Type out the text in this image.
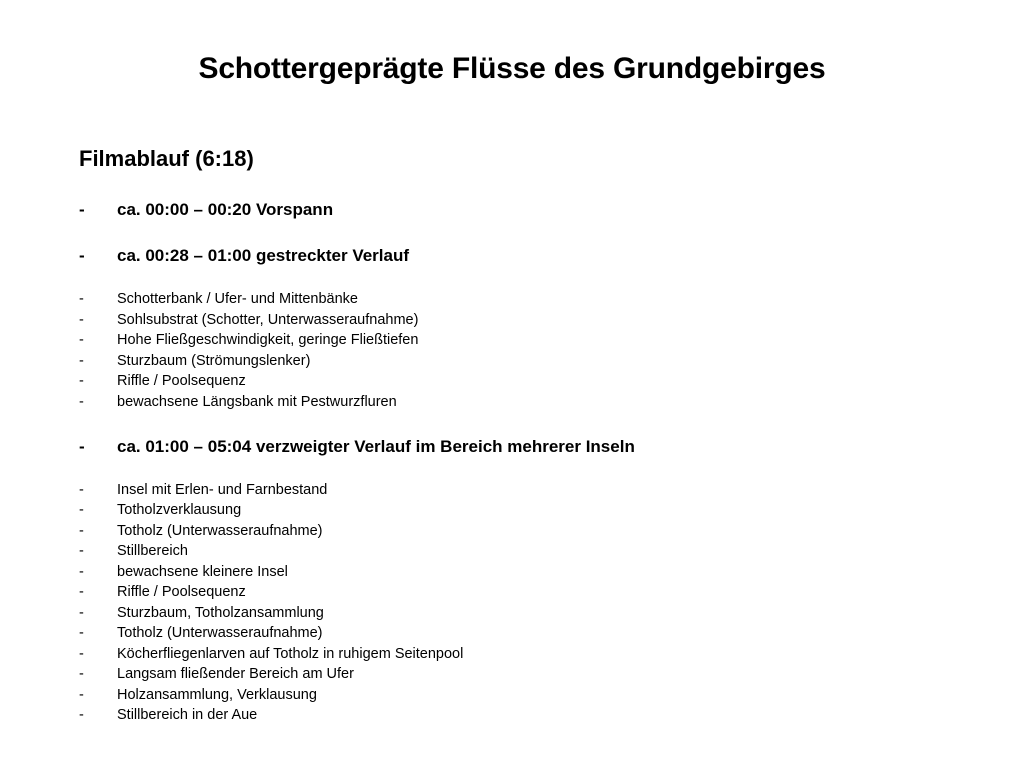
Schottergeprägte Flüsse des Grundgebirges
Filmablauf (6:18)
- ca. 00:00 – 00:20 Vorspann
- ca. 00:28 – 01:00 gestreckter Verlauf
- Schotterbank / Ufer- und Mittenbänke
- Sohlsubstrat (Schotter, Unterwasseraufnahme)
- Hohe Fließgeschwindigkeit, geringe Fließtiefen
- Sturzbaum (Strömungslenker)
- Riffle / Poolsequenz
- bewachsene Längsbank mit Pestwurzfluren
- ca. 01:00 – 05:04 verzweigter Verlauf im Bereich mehrerer Inseln
- Insel mit Erlen- und Farnbestand
- Totholzverklausung
- Totholz (Unterwasseraufnahme)
- Stillbereich
- bewachsene kleinere Insel
- Riffle / Poolsequenz
- Sturzbaum, Totholzansammlung
- Totholz (Unterwasseraufnahme)
- Köcherfliegenlarven auf Totholz in ruhigem Seitenpool
- Langsam fließender Bereich am Ufer
- Holzansammlung, Verklausung
- Stillbereich in der Aue
